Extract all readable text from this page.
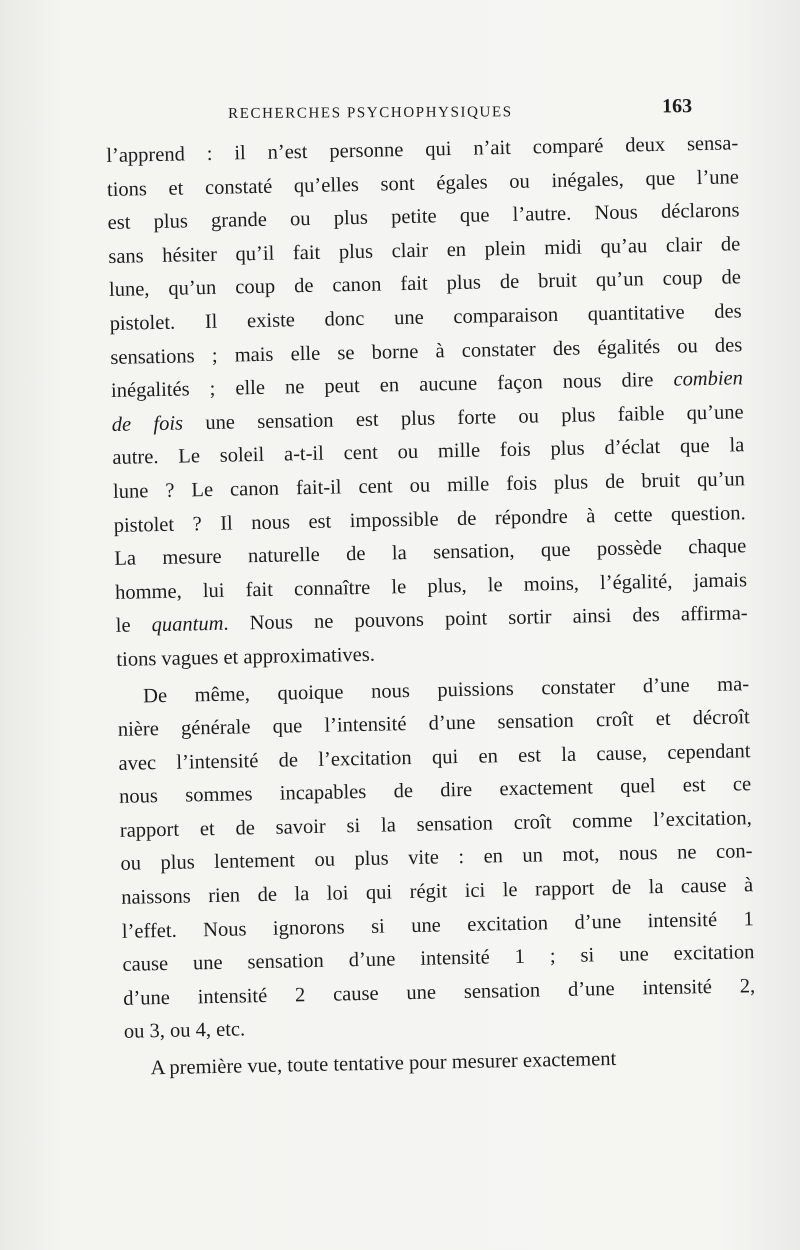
RECHERCHES PSYCHOPHYSIQUES	163
l’apprend : il n’est personne qui n’ait comparé deux sensa-
tions et constaté qu’elles sont égales ou inégales, que l’une
est plus grande ou plus petite que l’autre. Nous déclarons
sans hésiter qu’il fait plus clair en plein midi qu’au clair de
lune, qu’un coup de canon fait plus de bruit qu’un coup de
pistolet. Il existe donc une comparaison quantitative des
sensations ; mais elle se borne à constater des égalités ou des
inégalités ; elle ne peut en aucune façon nous dire combien
de fois une sensation est plus forte ou plus faible qu’une
autre. Le soleil a-t-il cent ou mille fois plus d’éclat que la
lune ? Le canon fait-il cent ou mille fois plus de bruit qu’un
pistolet ? Il nous est impossible de répondre à cette question.
La mesure naturelle de la sensation, que possède chaque
homme, lui fait connaître le plus, le moins, l’égalité, jamais
le quantum. Nous ne pouvons point sortir ainsi des affirma-
tions vagues et approximatives.
De même, quoique nous puissions constater d’une ma-
nière générale que l’intensité d’une sensation croît et décroît
avec l’intensité de l’excitation qui en est la cause, cependant
nous sommes incapables de dire exactement quel est ce
rapport et de savoir si la sensation croît comme l’excitation,
ou plus lentement ou plus vite : en un mot, nous ne con-
naissons rien de la loi qui régit ici le rapport de la cause à
l’effet. Nous ignorons si une excitation d’une intensité 1
cause une sensation d’une intensité 1 ; si une excitation
d’une intensité 2 cause une sensation d’une intensité 2,
ou 3, ou 4, etc.
A première vue, toute tentative pour mesurer exactement
